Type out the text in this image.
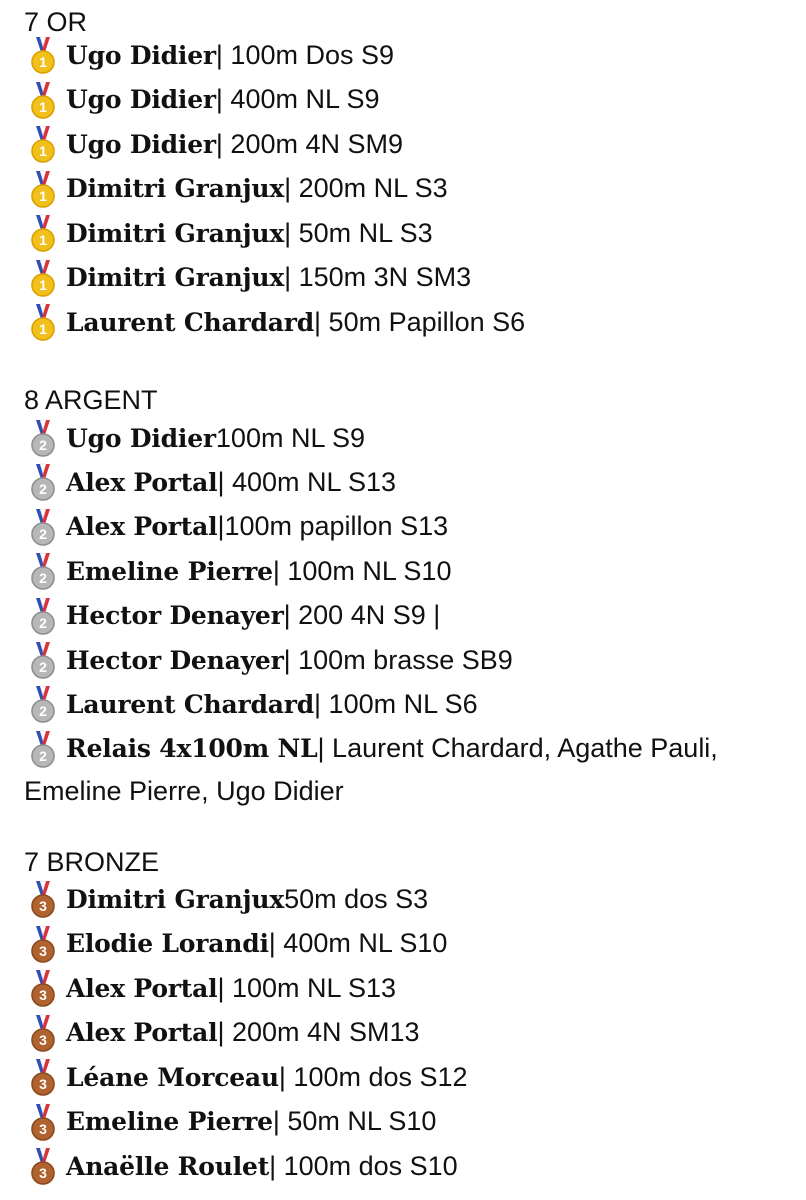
7 OR
1 Ugo Didier | 100m Dos S9
1 Ugo Didier | 400m NL S9
1 Ugo Didier | 200m 4N SM9
1 Dimitri Granjux | 200m NL S3
1 Dimitri Granjux | 50m NL S3
1 Dimitri Granjux | 150m 3N SM3
1 Laurent Chardard | 50m Papillon S6
8 ARGENT
2 Ugo Didier 100m NL S9
2 Alex Portal | 400m NL S13
2 Alex Portal |100m papillon S13
2 Emeline Pierre | 100m NL S10
2 Hector Denayer | 200 4N S9 |
2 Hector Denayer | 100m brasse SB9
2 Laurent Chardard | 100m NL S6
2 Relais 4x100m NL | Laurent Chardard, Agathe Pauli,
Emeline Pierre, Ugo Didier
7 BRONZE
3 Dimitri Granjux 50m dos S3
3 Elodie Lorandi | 400m NL S10
3 Alex Portal | 100m NL S13
3 Alex Portal | 200m 4N SM13
3 Léane Morceau | 100m dos S12
3 Emeline Pierre | 50m NL S10
3 Anaëlle Roulet | 100m dos S10
